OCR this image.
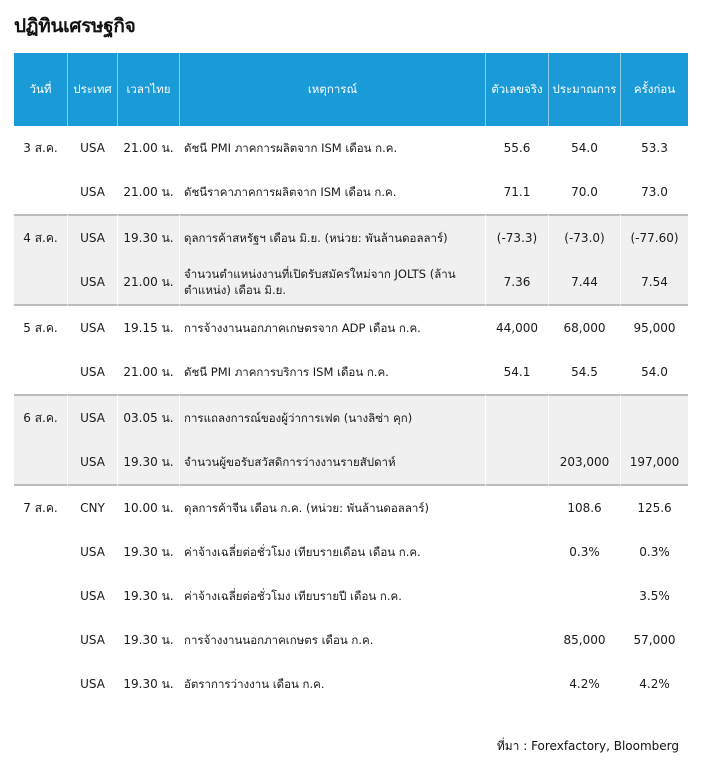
ปฏิทินเศรษฐกิจ
วันที่	ประเทศ	เวลาไทย	เหตุการณ์	ตัวเลขจริง	ประมาณการ	ครั้งก่อน
3 ส.ค.	USA	21.00 น.	ดัชนี PMI ภาคการผลิตจาก ISM เดือน ก.ค.	55.6	54.0	53.3
	USA	21.00 น.	ดัชนีราคาภาคการผลิตจาก ISM เดือน ก.ค.	71.1	70.0	73.0
4 ส.ค.	USA	19.30 น.	ดุลการค้าสหรัฐฯ เดือน มิ.ย. (หน่วย: พันล้านดอลลาร์)	(-73.3)	(-73.0)	(-77.60)
	USA	21.00 น.	จำนวนตำแหน่งงานที่เปิดรับสมัครใหม่จาก JOLTS (ล้านตำแหน่ง) เดือน มิ.ย.	7.36	7.44	7.54
5 ส.ค.	USA	19.15 น.	การจ้างงานนอกภาคเกษตรจาก ADP เดือน ก.ค.	44,000	68,000	95,000
	USA	21.00 น.	ดัชนี PMI ภาคการบริการ ISM เดือน ก.ค.	54.1	54.5	54.0
6 ส.ค.	USA	03.05 น.	การแถลงการณ์ของผู้ว่าการเฟด (นางลิซ่า คุก)			
	USA	19.30 น.	จำนวนผู้ขอรับสวัสดิการว่างงานรายสัปดาห์		203,000	197,000
7 ส.ค.	CNY	10.00 น.	ดุลการค้าจีน เดือน ก.ค. (หน่วย: พันล้านดอลลาร์)		108.6	125.6
	USA	19.30 น.	ค่าจ้างเฉลี่ยต่อชั่วโมง เทียบรายเดือน เดือน ก.ค.		0.3%	0.3%
	USA	19.30 น.	ค่าจ้างเฉลี่ยต่อชั่วโมง เทียบรายปี เดือน ก.ค.			3.5%
	USA	19.30 น.	การจ้างงานนอกภาคเกษตร เดือน ก.ค.		85,000	57,000
	USA	19.30 น.	อัตราการว่างงาน เดือน ก.ค.		4.2%	4.2%
ที่มา : Forexfactory, Bloomberg
